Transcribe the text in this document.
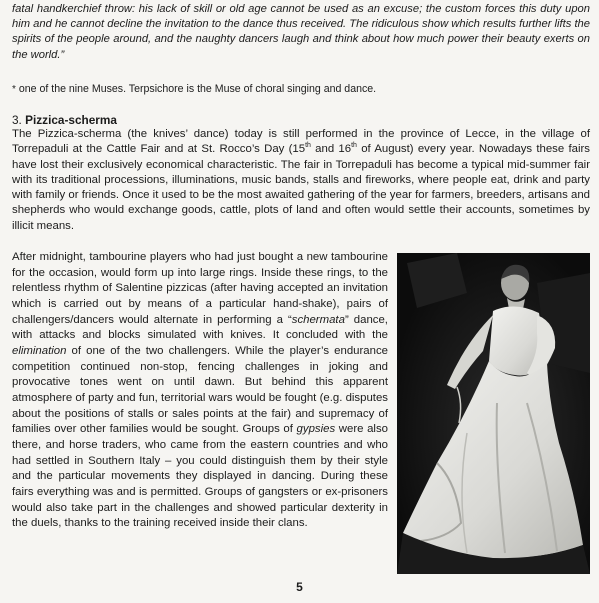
fatal handkerchief throw: his lack of skill or old age cannot be used as an excuse; the custom forces this duty upon him and he cannot decline the invitation to the dance thus received. The ridiculous show which results further lifts the spirits of the people around, and the naughty dancers laugh and think about how much power their beauty exerts on the world.”

* one of the nine Muses. Terpsichore is the Muse of choral singing and dance.

3. Pizzica-scherma

The Pizzica-scherma (the knives’ dance) today is still performed in the province of Lecce, in the village of Torrepaduli at the Cattle Fair and at St. Rocco’s Day (15th and 16th of August) every year. Nowadays these fairs have lost their exclusively economical characteristic. The fair in Torrepaduli has become a typical mid-summer fair with its traditional processions, illuminations, music bands, stalls and fireworks, where people eat, drink and party with family or friends. Once it used to be the most awaited gathering of the year for farmers, breeders, artisans and shepherds who would exchange goods, cattle, plots of land and often would settle their accounts, sometimes by illicit means.

After midnight, tambourine players who had just bought a new tambourine for the occasion, would form up into large rings. Inside these rings, to the relentless rhythm of Salentine pizzicas (after having accepted an invitation which is carried out by means of a particular hand-shake), pairs of challengers/dancers would alternate in performing a “schermata” dance, with attacks and blocks simulated with knives. It concluded with the elimination of one of the two challengers. While the player’s endurance competition continued non-stop, fencing challenges in joking and provocative tones went on until dawn. But behind this apparent atmosphere of party and fun, territorial wars would be fought (e.g. disputes about the positions of stalls or sales points at the fair) and supremacy of families over other families would be sought. Groups of gypsies were also there, and horse traders, who came from the eastern countries and who had settled in Southern Italy – you could distinguish them by their style and the particular movements they displayed in dancing. During these fairs everything was and is permitted. Groups of gangsters or ex-prisoners would also take part in the challenges and showed particular dexterity in the duels, thanks to the training received inside their clans.

5
